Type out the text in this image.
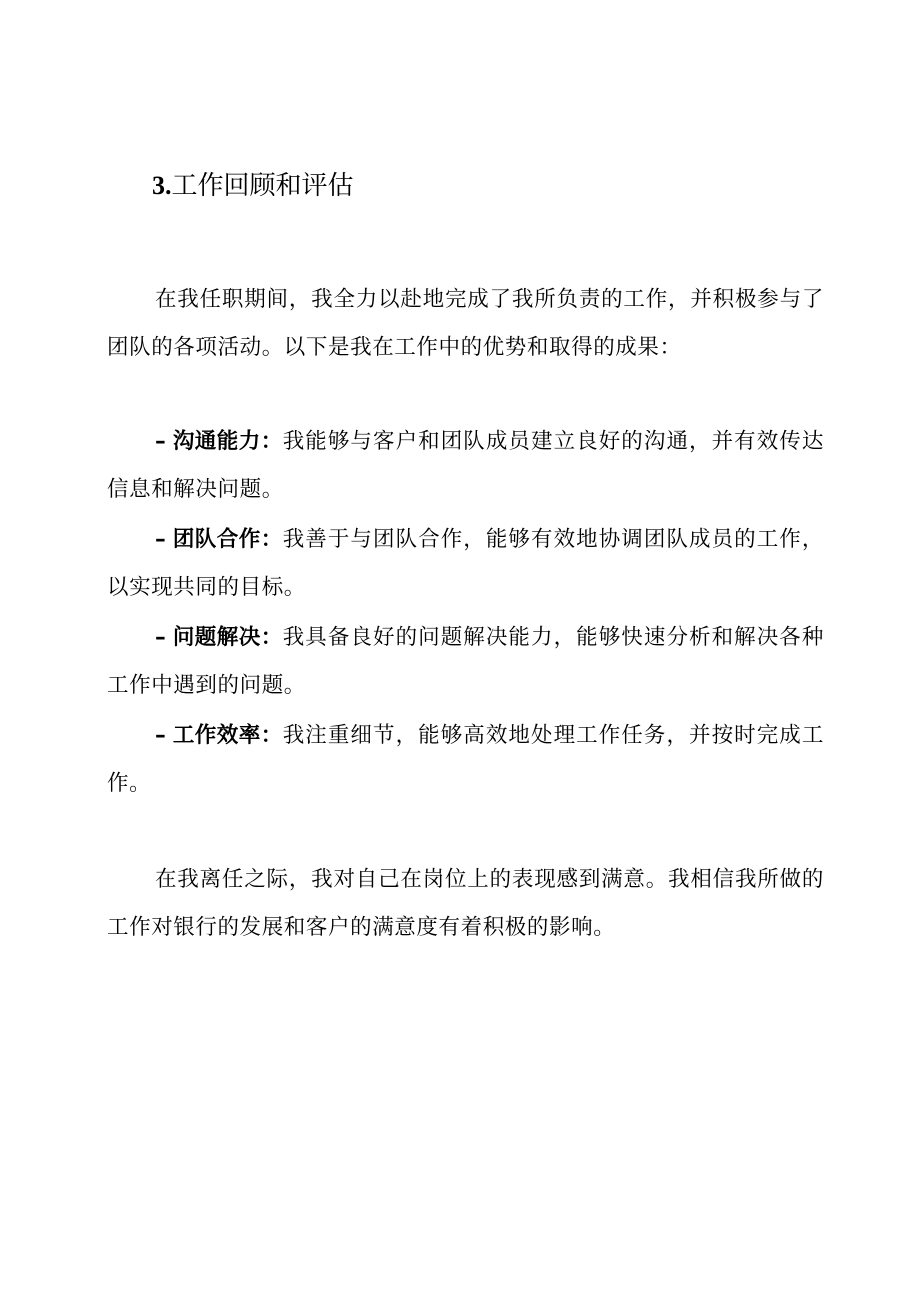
3.工作回顾和评估

在我任职期间，我全力以赴地完成了我所负责的工作，并积极参与了团队的各项活动。以下是我在工作中的优势和取得的成果：

– 沟通能力：我能够与客户和团队成员建立良好的沟通，并有效传达信息和解决问题。
– 团队合作：我善于与团队合作，能够有效地协调团队成员的工作，以实现共同的目标。
– 问题解决：我具备良好的问题解决能力，能够快速分析和解决各种工作中遇到的问题。
– 工作效率：我注重细节，能够高效地处理工作任务，并按时完成工作。

在我离任之际，我对自己在岗位上的表现感到满意。我相信我所做的工作对银行的发展和客户的满意度有着积极的影响。
